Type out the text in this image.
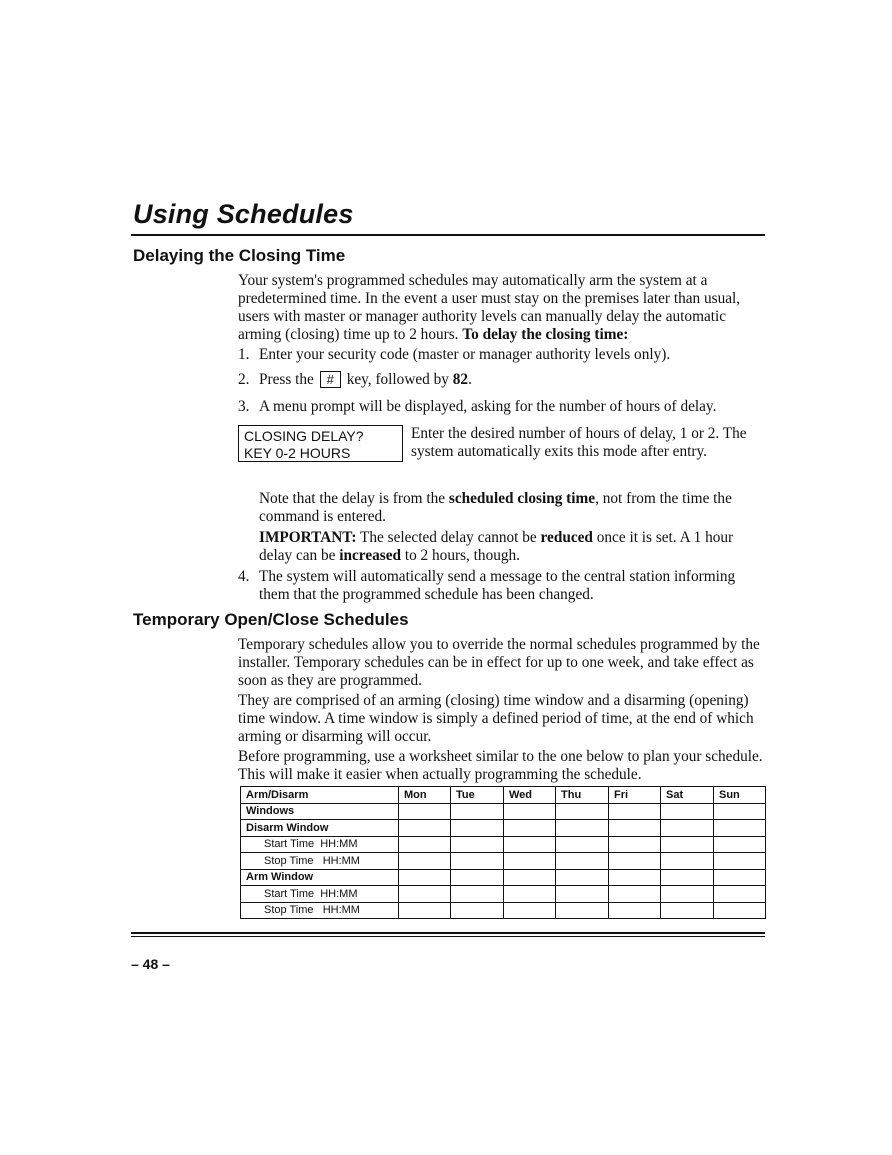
Using Schedules
Delaying the Closing Time

Your system's programmed schedules may automatically arm the system at a predetermined time. In the event a user must stay on the premises later than usual, users with master or manager authority levels can manually delay the automatic arming (closing) time up to 2 hours. To delay the closing time:

1. Enter your security code (master or manager authority levels only).
2. Press the # key, followed by 82.
3. A menu prompt will be displayed, asking for the number of hours of delay.
CLOSING DELAY?
KEY 0-2 HOURS
Enter the desired number of hours of delay, 1 or 2. The system automatically exits this mode after entry.
Note that the delay is from the scheduled closing time, not from the time the command is entered.
IMPORTANT: The selected delay cannot be reduced once it is set. A 1 hour delay can be increased to 2 hours, though.
4. The system will automatically send a message to the central station informing them that the programmed schedule has been changed.
Temporary Open/Close Schedules
Temporary schedules allow you to override the normal schedules programmed by the installer. Temporary schedules can be in effect for up to one week, and take effect as soon as they are programmed.
They are comprised of an arming (closing) time window and a disarming (opening) time window. A time window is simply a defined period of time, at the end of which arming or disarming will occur.
Before programming, use a worksheet similar to the one below to plan your schedule. This will make it easier when actually programming the schedule.
Arm/Disarm	Mon	Tue	Wed	Thu	Fri	Sat	Sun
Windows							
Disarm Window							
Start Time  HH:MM							
Stop Time   HH:MM							
Arm Window							
Start Time  HH:MM							
Stop Time   HH:MM							
– 48 –
